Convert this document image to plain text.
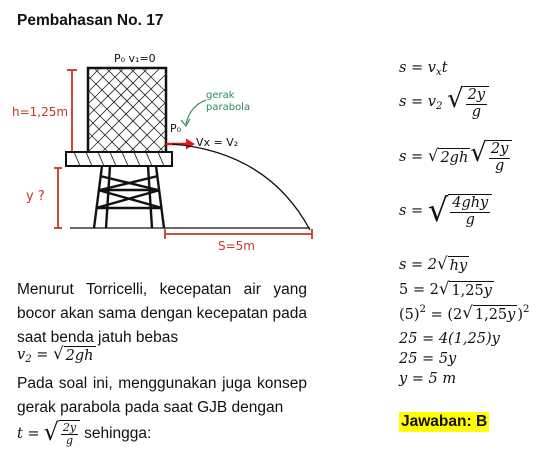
Pembahasan No. 17
P₀ v₁=0
h=1,25m
P₀
gerak
parabola
Vx = V₂
y ?
S=5m
Menurut Torricelli, kecepatan air yang
bocor akan sama dengan kecepatan pada
saat benda jatuh bebas
$v_2$ = √ 2gh
Pada soal ini, menggunakan juga konsep
gerak parabola pada saat GJB dengan
t = √ $\frac{2y}{g}$ sehingga:
$s = v_xt$
$s = v_2$ √ $\frac{2y}{g}$
s = √ 2gh √ $\frac{2y}{g}$
s = √ $\frac{\text{4ghy}}{g}$
s = 2 √ hy
5 = 2 √ 1,25y
$(5)^2 = (2$ √ 1,25y )$^2$
25 = 4(1,25)y
25 = 5y
y = 5 m
Jawaban: B
